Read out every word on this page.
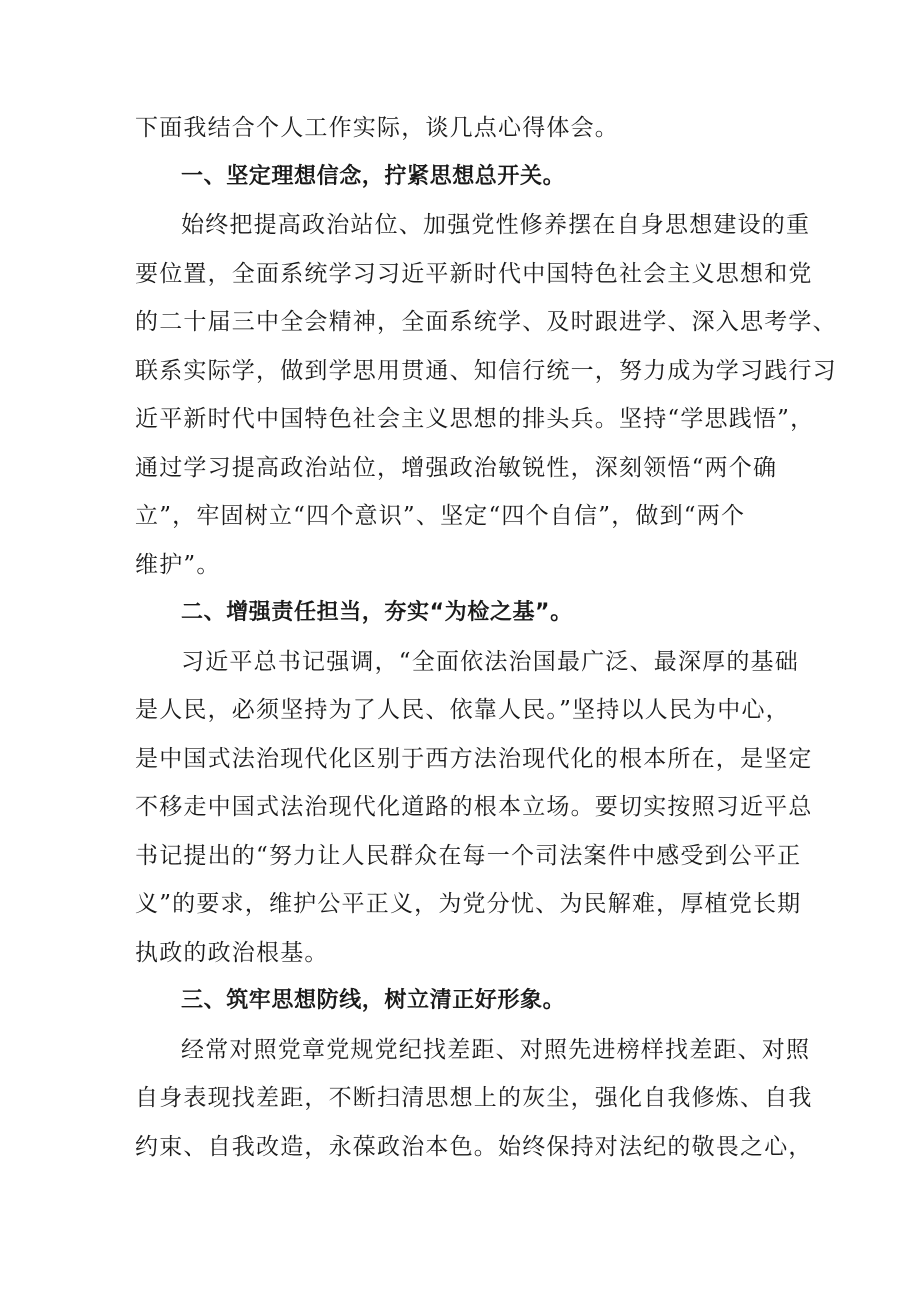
下面我结合个人工作实际，谈几点心得体会。
一、坚定理想信念，拧紧思想总开关。
始终把提高政治站位、加强党性修养摆在自身思想建设的重
要位置，全面系统学习习近平新时代中国特色社会主义思想和党
的二十届三中全会精神，全面系统学、及时跟进学、深入思考学、
联系实际学，做到学思用贯通、知信行统一，努力成为学习践行习
近平新时代中国特色社会主义思想的排头兵。坚持“学思践悟”，
通过学习提高政治站位，增强政治敏锐性，深刻领悟“两个确
立”，牢固树立“四个意识”、坚定“四个自信”，做到“两个
维护”。
二、增强责任担当，夯实“为检之基”。
习近平总书记强调，“全面依法治国最广泛、最深厚的基础
是人民，必须坚持为了人民、依靠人民。”坚持以人民为中心，
是中国式法治现代化区别于西方法治现代化的根本所在，是坚定
不移走中国式法治现代化道路的根本立场。要切实按照习近平总
书记提出的“努力让人民群众在每一个司法案件中感受到公平正
义”的要求，维护公平正义，为党分忧、为民解难，厚植党长期
执政的政治根基。
三、筑牢思想防线，树立清正好形象。
经常对照党章党规党纪找差距、对照先进榜样找差距、对照
自身表现找差距，不断扫清思想上的灰尘，强化自我修炼、自我
约束、自我改造，永葆政治本色。始终保持对法纪的敬畏之心，
